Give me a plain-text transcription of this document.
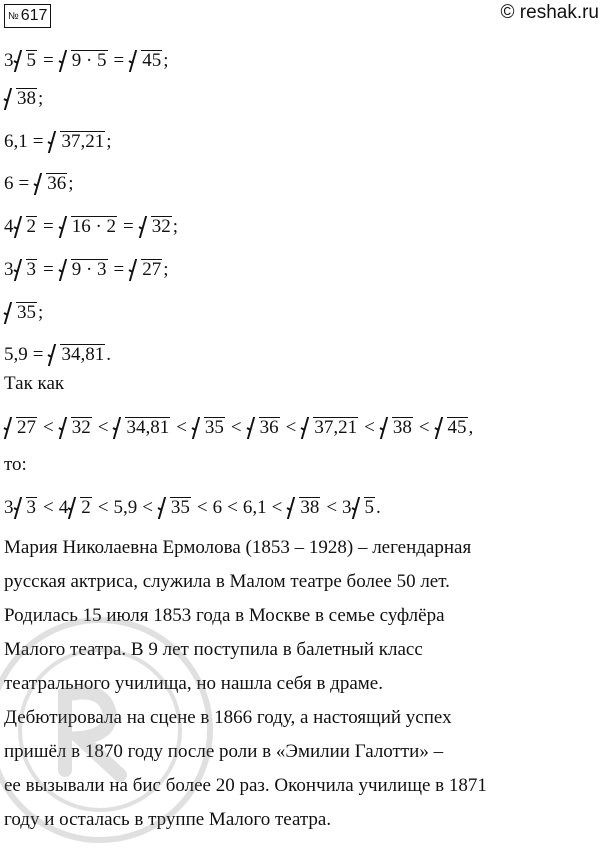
№ 617	© reshak.ru
3 5 = 9 · 5 = 45 ;
38 ;
6,1 = 37,21 ;
6 = 36 ;
4 2 = 16 · 2 = 32 ;
3 3 = 9 · 3 = 27 ;
35 ;
5,9 = 34,81 .
Так как
27 < 32 < 34,81 < 35 < 36 < 37,21 < 38 < 45 ,
то:
3 3 < 4 2 < 5,9 < 35 < 6 < 6,1 < 38 < 3 5 .
Мария Николаевна Ермолова (1853 – 1928) – легендарная
русская актриса, служила в Малом театре более 50 лет.
Родилась 15 июля 1853 года в Москве в семье суфлёра
Малого театра. В 9 лет поступила в балетный класс
театрального училища, но нашла себя в драме.
Дебютировала на сцене в 1866 году, а настоящий успех
пришёл в 1870 году после роли в «Эмилии Галотти» –
ее вызывали на бис более 20 раз. Окончила училище в 1871
году и осталась в труппе Малого театра.
